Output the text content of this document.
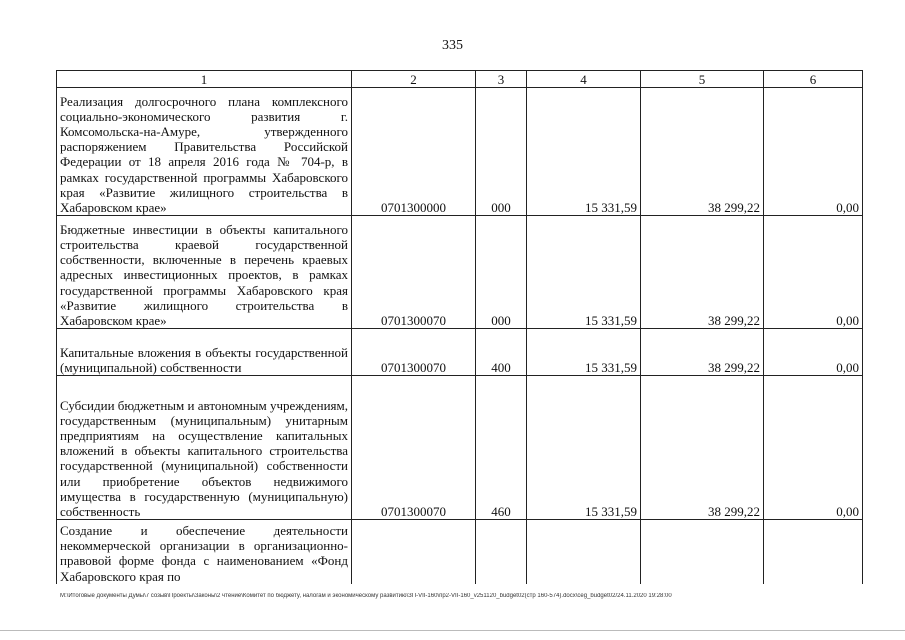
335
1	2	3	4	5	6
Реализация долгосрочного плана комплексного социально-экономического развития г. Комсомольска-на-Амуре, утвержденного распоряжением Правительства Российской Федерации от 18 апреля 2016 года № 704-р, в рамках государственной программы Хабаровского края «Развитие жилищного строительства в Хабаровском крае»	0701300000	000	15 331,59	38 299,22	0,00
Бюджетные инвестиции в объекты капитального строительства краевой государственной собственности, включенные в перечень краевых адресных инвестиционных проектов, в рамках государственной программы Хабаровского края «Развитие жилищного строительства в Хабаровском крае»	0701300070	000	15 331,59	38 299,22	0,00
Капитальные вложения в объекты государственной (муниципальной) собственности	0701300070	400	15 331,59	38 299,22	0,00
Субсидии бюджетным и автономным учреждениям, государственным (муниципальным) унитарным предприятиям на осуществление капитальных вложений в объекты капитального строительства государственной (муниципальной) собственности или приобретение объектов недвижимого имущества в государственную (муниципальную) собственность	0701300070	460	15 331,59	38 299,22	0,00
Создание и обеспечение деятельности некоммерческой организации в организационно-правовой форме фонда с наименованием «Фонд Хабаровского края по					
М:\Итоговые документы Думы\7 созыв\Проекты\Законы\2 чтение\Комитет по бюджету, налогам и экономическому развитию\ЗП-VII-160\пр2-VII-160_v251120_budget02(стр 160-574).docx\ceg_budget02/24.11.2020 19:28:00
